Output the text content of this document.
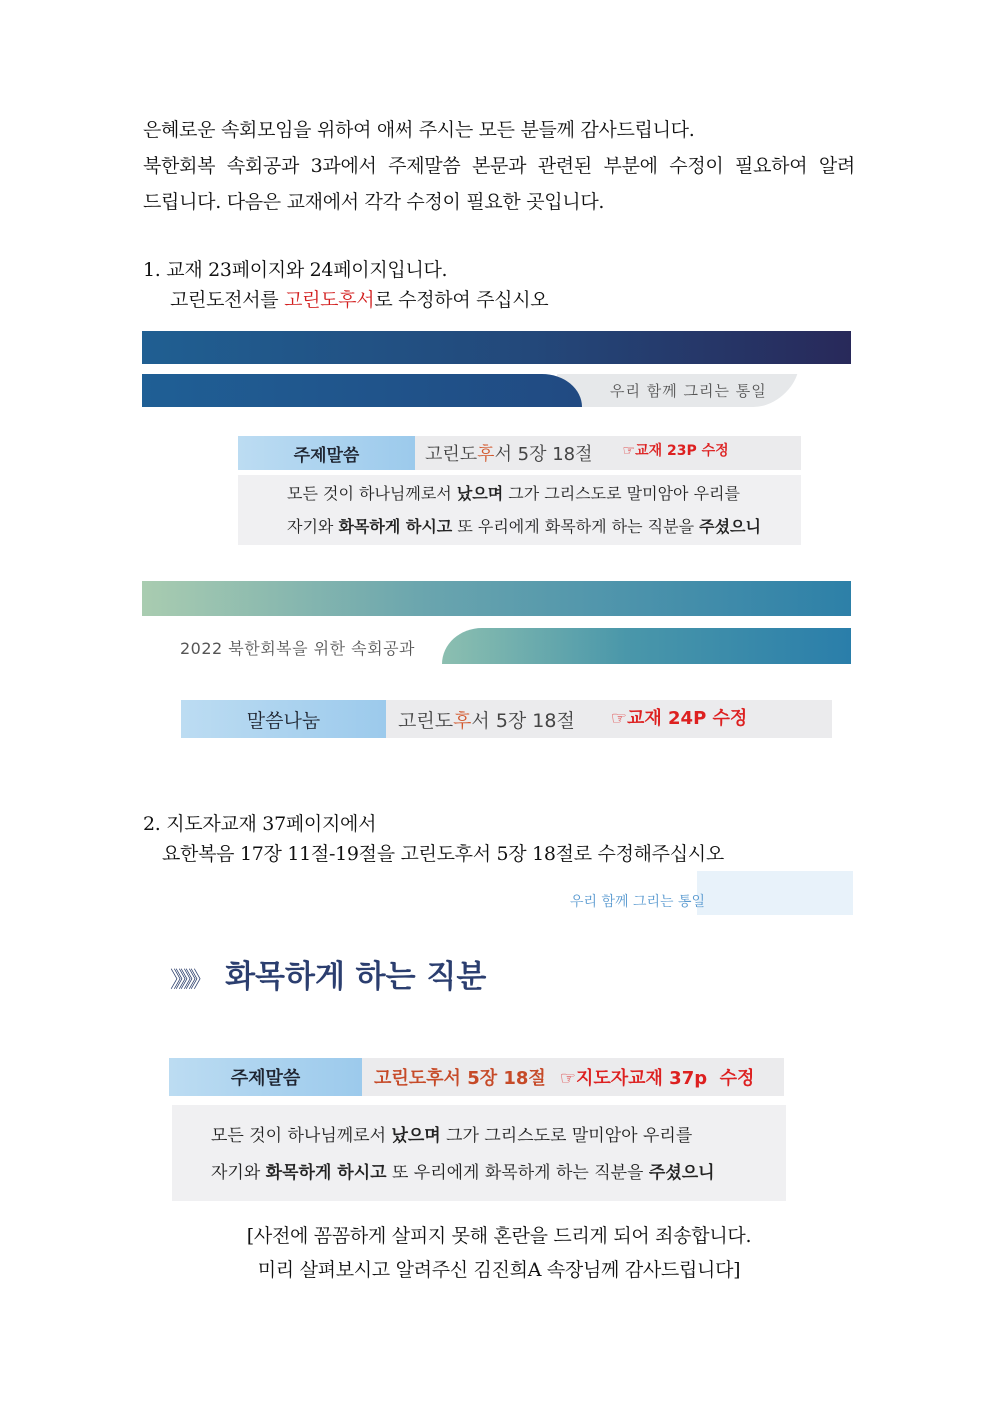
은혜로운 속회모임을 위하여 애써 주시는 모든 분들께 감사드립니다.

북한회복 속회공과 3과에서 주제말씀 본문과 관련된 부분에 수정이 필요하여 알려

드립니다. 다음은 교재에서 각각 수정이 필요한 곳입니다.

1. 교재 23페이지와 24페이지입니다.
고린도전서를 고린도후서로 수정하여 주십시오
우리 함께 그리는 통일
주제말씀	고린도 후 서 5장 18절 ☞교재 23P 수정

모든 것이 하나님께로서 났으며 그가 그리스도로 말미암아 우리를

자기와 화목하게 하시고 또 우리에게 화목하게 하는 직분을 주셨으니

2022 북한회복을 위한 속회공과
말씀나눔	고린도 후 서 5장 18절 ☞교재 24P 수정
2. 지도자교재 37페이지에서
요한복음 17장 11절-19절을 고린도후서 5장 18절로 수정해주십시오
우리 함께 그리는 통일
》》》》》 화목하게 하는 직분
주제말씀	고린도후서 5장 18절 ☞지도자교재 37p  수정

모든 것이 하나님께로서 났으며 그가 그리스도로 말미암아 우리를

자기와 화목하게 하시고 또 우리에게 화목하게 하는 직분을 주셨으니

[사전에 꼼꼼하게 살피지 못해 혼란을 드리게 되어 죄송합니다.

미리 살펴보시고 알려주신 김진희A 속장님께 감사드립니다]
